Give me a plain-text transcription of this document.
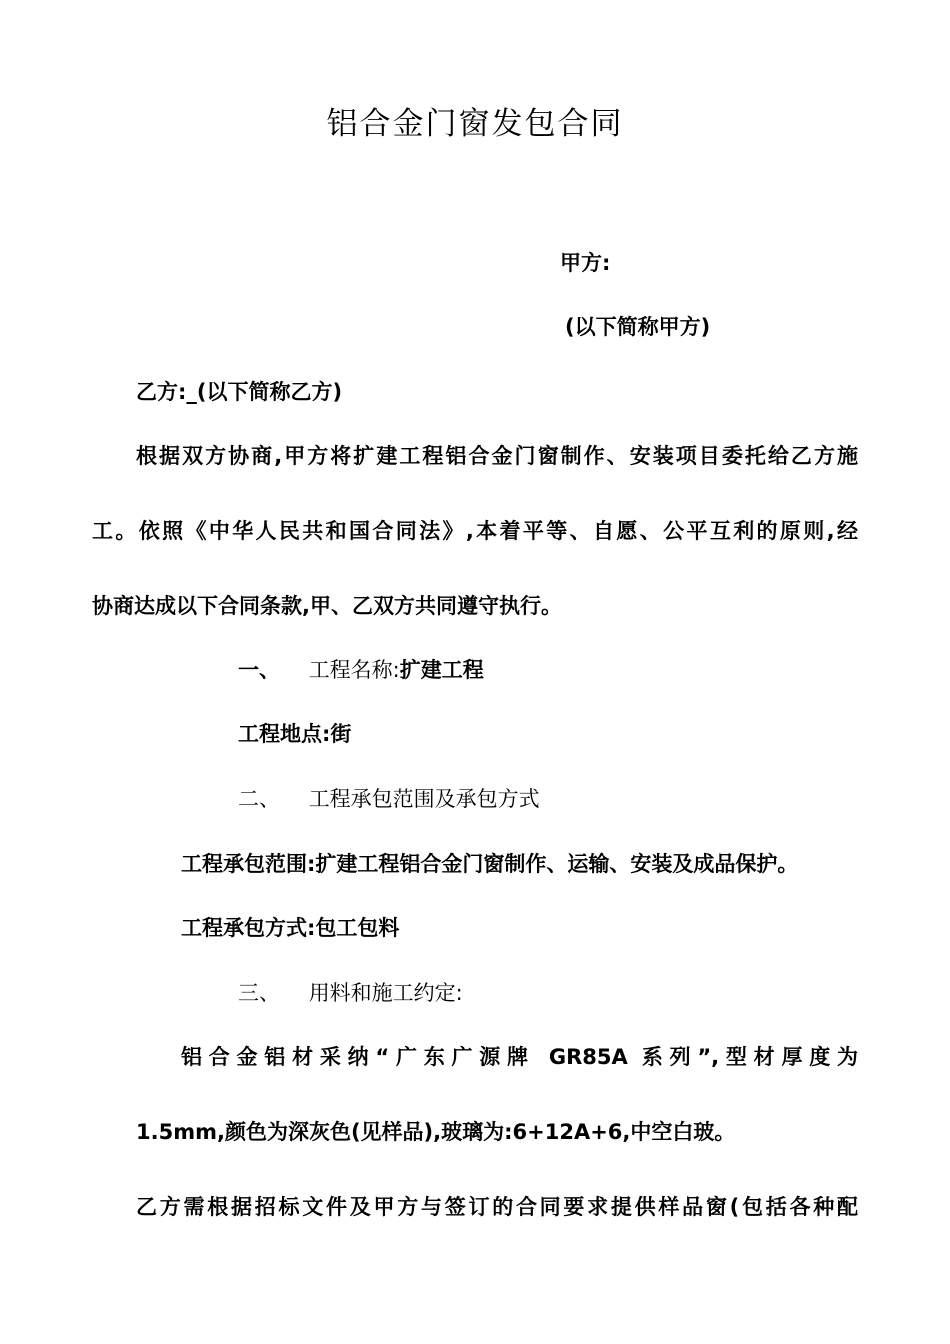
铝合金门窗发包合同
甲方:
(以下简称甲方)
乙方:_(以下简称乙方)
根据双方协商,甲方将扩建工程铝合金门窗制作、安装项目委托给乙方施
工。依照《中华人民共和国合同法》,本着平等、自愿、公平互利的原则,经
协商达成以下合同条款,甲、乙双方共同遵守执行。
一、 工程名称:扩建工程
工程地点:街
二、 工程承包范围及承包方式
工程承包范围:扩建工程铝合金门窗制作、运输、安装及成品保护。
工程承包方式:包工包料
三、 用料和施工约定:
铝合金铝材采纳“广东广源牌 GR85A 系列”,型材厚度为
1.5mm,颜色为深灰色(见样品),玻璃为:6+12A+6,中空白玻。
乙方需根据招标文件及甲方与签订的合同要求提供样品窗(包括各种配
